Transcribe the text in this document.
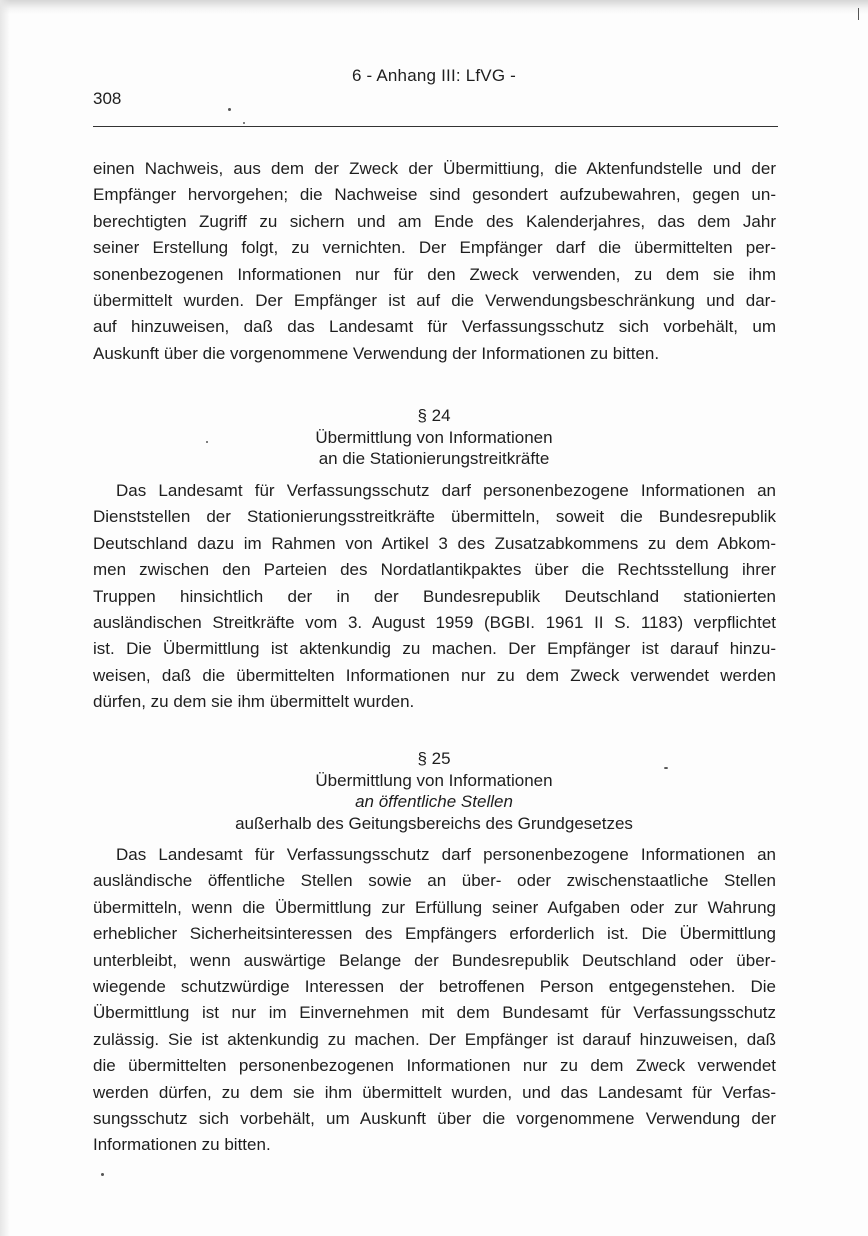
6 - Anhang III: LfVG -
308
einen Nachweis, aus dem der Zweck der Übermittiung, die Aktenfundstelle und der
Empfänger hervorgehen; die Nachweise sind gesondert aufzubewahren, gegen un-
berechtigten Zugriff zu sichern und am Ende des Kalenderjahres, das dem Jahr
seiner Erstellung folgt, zu vernichten. Der Empfänger darf die übermittelten per-
sonenbezogenen Informationen nur für den Zweck verwenden, zu dem sie ihm
übermittelt wurden. Der Empfänger ist auf die Verwendungsbeschränkung und dar-
auf hinzuweisen, daß das Landesamt für Verfassungsschutz sich vorbehält, um
Auskunft über die vorgenommene Verwendung der Informationen zu bitten.
§ 24
Übermittlung von Informationen
an die Stationierungstreitkräfte
Das Landesamt für Verfassungsschutz darf personenbezogene Informationen an
Dienststellen der Stationierungsstreitkräfte übermitteln, soweit die Bundesrepublik
Deutschland dazu im Rahmen von Artikel 3 des Zusatzabkommens zu dem Abkom-
men zwischen den Parteien des Nordatlantikpaktes über die Rechtsstellung ihrer
Truppen hinsichtlich der in der Bundesrepublik Deutschland stationierten
ausländischen Streitkräfte vom 3. August 1959 (BGBI. 1961 II S. 1183) verpflichtet
ist. Die Übermittlung ist aktenkundig zu machen. Der Empfänger ist darauf hinzu-
weisen, daß die übermittelten Informationen nur zu dem Zweck verwendet werden
dürfen, zu dem sie ihm übermittelt wurden.
§ 25
Übermittlung von Informationen
an öffentliche Stellen
außerhalb des Geitungsbereichs des Grundgesetzes
Das Landesamt für Verfassungsschutz darf personenbezogene Informationen an
ausländische öffentliche Stellen sowie an über- oder zwischenstaatliche Stellen
übermitteln, wenn die Übermittlung zur Erfüllung seiner Aufgaben oder zur Wahrung
erheblicher Sicherheitsinteressen des Empfängers erforderlich ist. Die Übermittlung
unterbleibt, wenn auswärtige Belange der Bundesrepublik Deutschland oder über-
wiegende schutzwürdige Interessen der betroffenen Person entgegenstehen. Die
Übermittlung ist nur im Einvernehmen mit dem Bundesamt für Verfassungsschutz
zulässig. Sie ist aktenkundig zu machen. Der Empfänger ist darauf hinzuweisen, daß
die übermittelten personenbezogenen Informationen nur zu dem Zweck verwendet
werden dürfen, zu dem sie ihm übermittelt wurden, und das Landesamt für Verfas-
sungsschutz sich vorbehält, um Auskunft über die vorgenommene Verwendung der
Informationen zu bitten.
